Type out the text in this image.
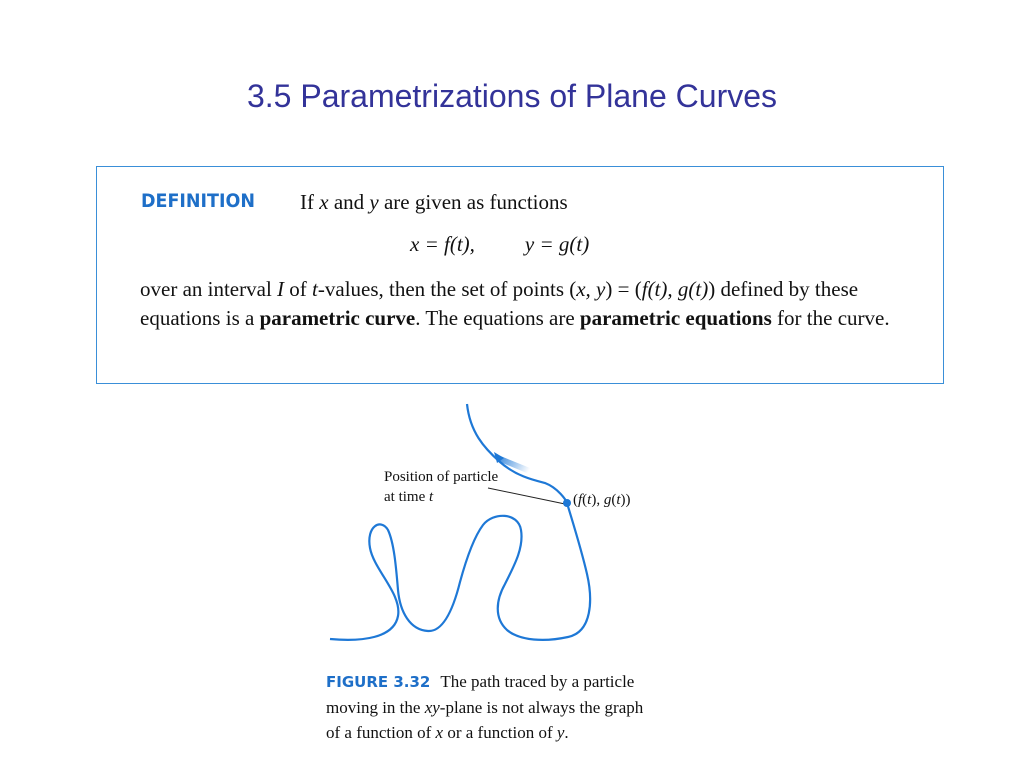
3.5 Parametrizations of Plane Curves
DEFINITION If x and y are given as functions
x = f(t), y = g(t)
over an interval I of t-values, then the set of points (x, y) = (f(t), g(t)) defined by these equations is a parametric curve. The equations are parametric equations for the curve.
Position of particle
at time t	(f(t), g(t))
FIGURE 3.32 The path traced by a particle moving in the xy-plane is not always the graph of a function of x or a function of y.
